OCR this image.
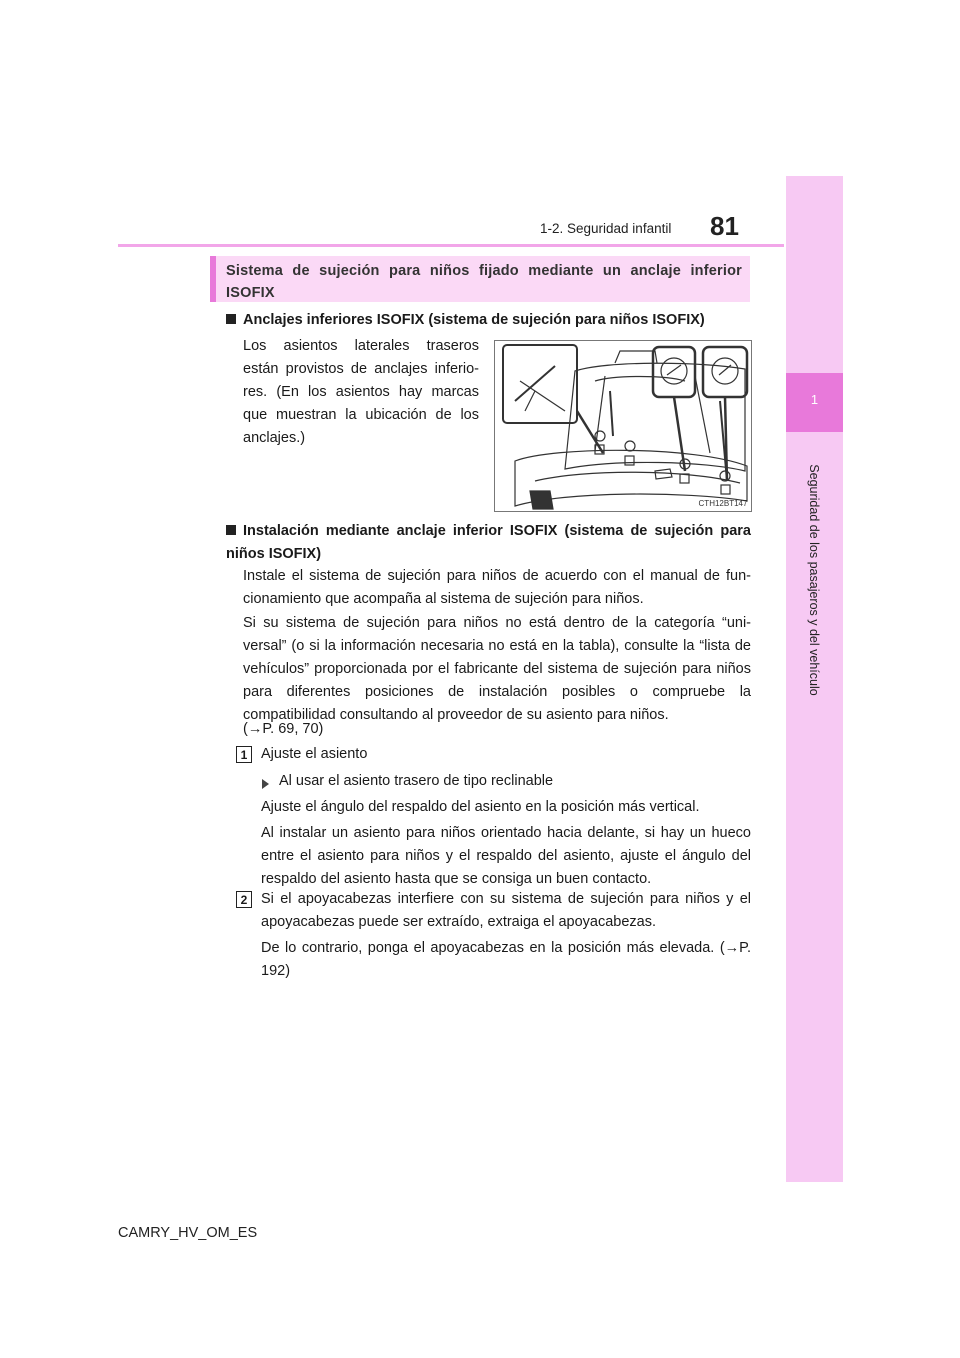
1
Seguridad de los pasajeros y del vehículo
1-2. Seguridad infantil 81
Sistema de sujeción para niños fijado mediante un anclaje inferior ISOFIX
Anclajes inferiores ISOFIX (sistema de sujeción para niños ISOFIX)
Los asientos laterales traseros están provistos de anclajes inferio-res. (En los asientos hay marcas que muestran la ubicación de los anclajes.)
CTH12BT147
Instalación mediante anclaje inferior ISOFIX (sistema de sujeción para niños ISOFIX)
Instale el sistema de sujeción para niños de acuerdo con el manual de fun-cionamiento que acompaña al sistema de sujeción para niños.
Si su sistema de sujeción para niños no está dentro de la categoría “uni-versal” (o si la información necesaria no está en la tabla), consulte la “lista de vehículos” proporcionada por el fabricante del sistema de sujeción para niños para diferentes posiciones de instalación posibles o compruebe la compatibilidad consultando al proveedor de su asiento para niños.
(→P. 69, 70)
1 Ajuste el asiento
Al usar el asiento trasero de tipo reclinable
Ajuste el ángulo del respaldo del asiento en la posición más vertical.
Al instalar un asiento para niños orientado hacia delante, si hay un hueco entre el asiento para niños y el respaldo del asiento, ajuste el ángulo del respaldo del asiento hasta que se consiga un buen contacto.
2 Si el apoyacabezas interfiere con su sistema de sujeción para niños y el apoyacabezas puede ser extraído, extraiga el apoyacabezas.
De lo contrario, ponga el apoyacabezas en la posición más elevada. (→P. 192)
CAMRY_HV_OM_ES
